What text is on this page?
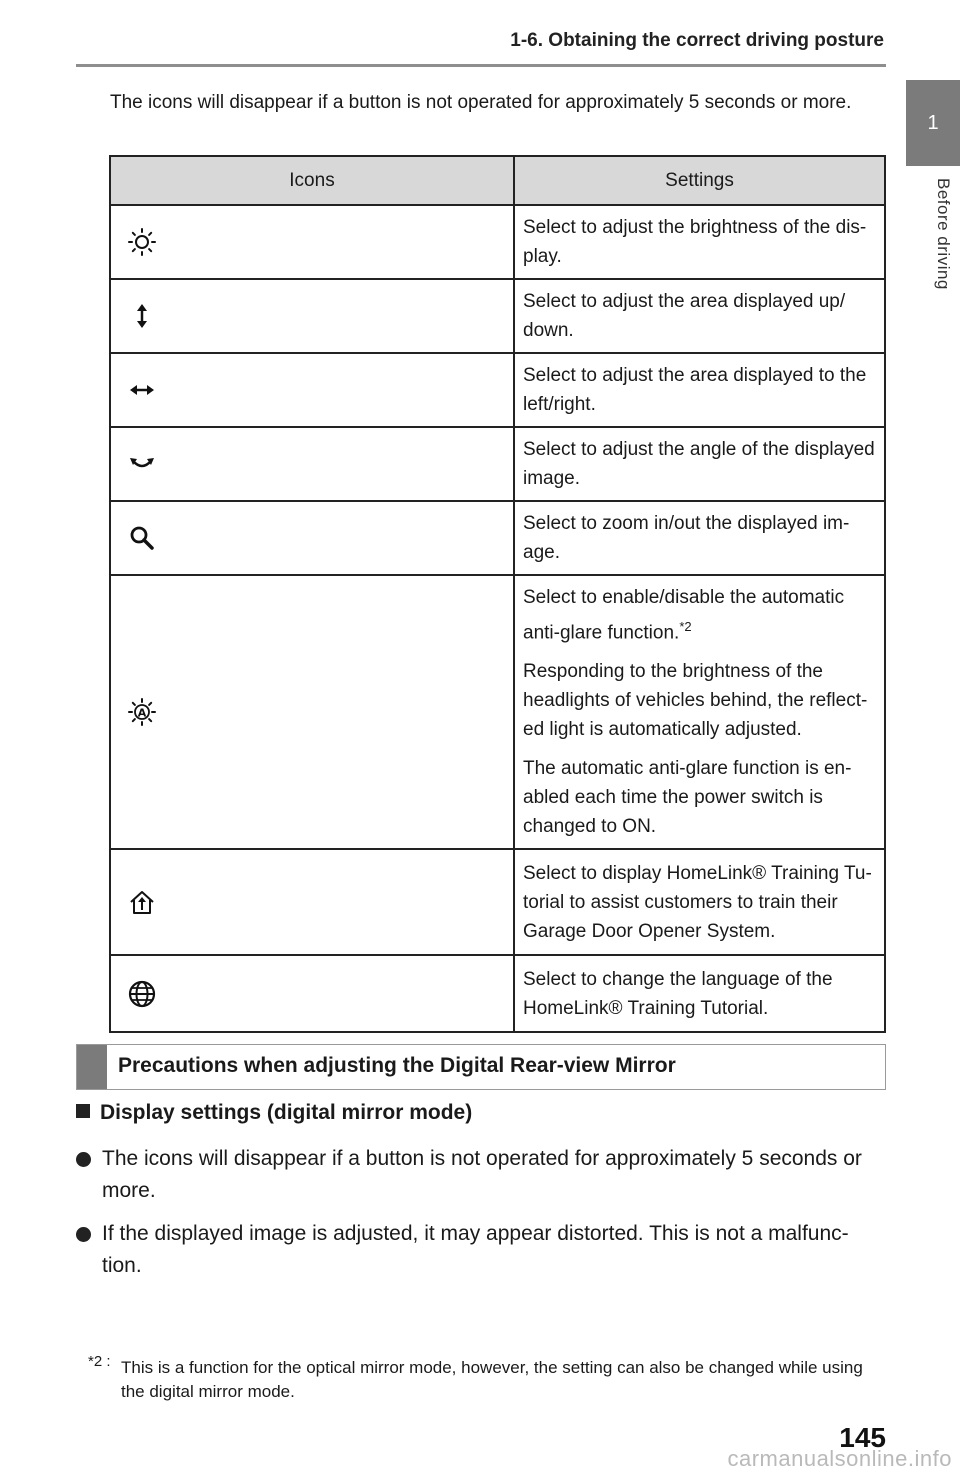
1-6. Obtaining the correct driving posture
1
Before driving
The icons will disappear if a button is not operated for approximately 5 seconds or more.
Icons	Settings

Select to adjust the brightness of the dis-play.

Select to adjust the area displayed up/ down.

Select to adjust the area displayed to the left/right.

Select to adjust the angle of the displayed image.

Select to zoom in/out the displayed im-age.

A	Select to enable/disable the automatic anti-glare function.$^{*2}$

Responding to the brightness of the headlights of vehicles behind, the reflect-ed light is automatically adjusted.

The automatic anti-glare function is en-abled each time the power switch is changed to ON.

Select to display HomeLink® Training Tu-torial to assist customers to train their Garage Door Opener System.

Select to change the language of the HomeLink® Training Tutorial.

Precautions when adjusting the Digital Rear-view Mirror
Display settings (digital mirror mode)
The icons will disappear if a button is not operated for approximately 5 seconds or more.
If the displayed image is adjusted, it may appear distorted. This is not a malfunc-tion.
*2 : This is a function for the optical mirror mode, however, the setting can also be changed while using the digital mirror mode.
145
carmanualsonline.info
